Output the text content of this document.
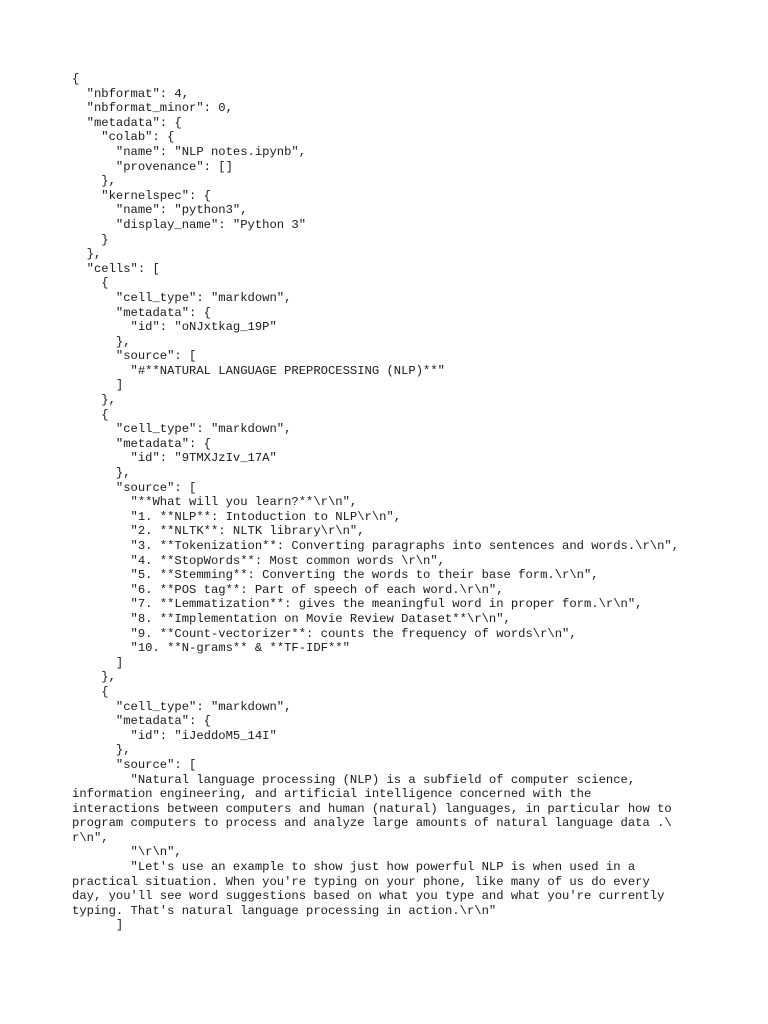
{
"nbformat": 4,
"nbformat_minor": 0,
"metadata": {
"colab": {
"name": "NLP notes.ipynb",
"provenance": []
},
"kernelspec": {
"name": "python3",
"display_name": "Python 3"
}
},
"cells": [
{
"cell_type": "markdown",
"metadata": {
"id": "oNJxtkag_19P"
},
"source": [
"#**NATURAL LANGUAGE PREPROCESSING (NLP)**"
]
},
{
"cell_type": "markdown",
"metadata": {
"id": "9TMXJzIv_17A"
},
"source": [
"**What will you learn?**\r\n",
"1. **NLP**: Intoduction to NLP\r\n",
"2. **NLTK**: NLTK library\r\n",
"3. **Tokenization**: Converting paragraphs into sentences and words.\r\n",
"4. **StopWords**: Most common words \r\n",
"5. **Stemming**: Converting the words to their base form.\r\n",
"6. **POS tag**: Part of speech of each word.\r\n",
"7. **Lemmatization**: gives the meaningful word in proper form.\r\n",
"8. **Implementation on Movie Review Dataset**\r\n",
"9. **Count-vectorizer**: counts the frequency of words\r\n",
"10. **N-grams** & **TF-IDF**"
]
},
{
"cell_type": "markdown",
"metadata": {
"id": "iJeddoM5_14I"
},
"source": [
"Natural language processing (NLP) is a subfield of computer science,
information engineering, and artificial intelligence concerned with the
interactions between computers and human (natural) languages, in particular how to
program computers to process and analyze large amounts of natural language data .\
r\n",
"\r\n",
"Let's use an example to show just how powerful NLP is when used in a
practical situation. When you're typing on your phone, like many of us do every
day, you'll see word suggestions based on what you type and what you're currently
typing. That's natural language processing in action.\r\n"
]
